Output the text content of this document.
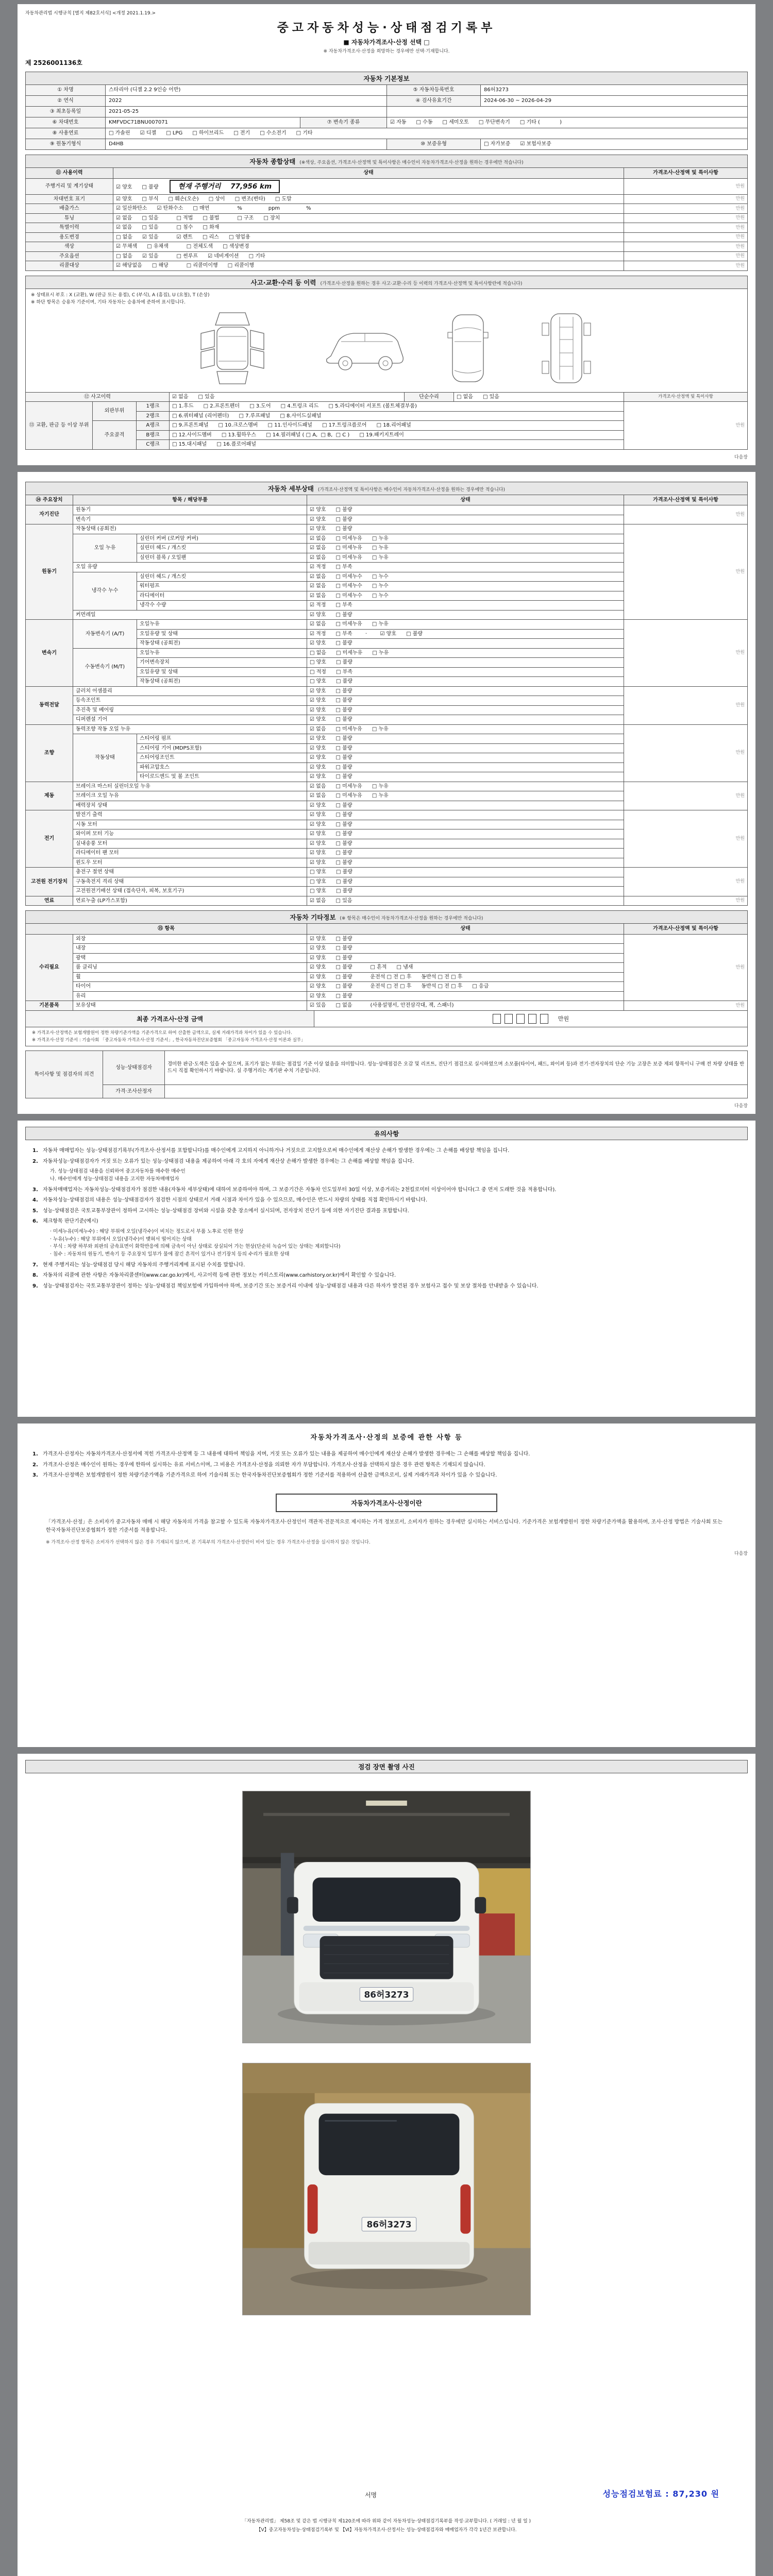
자동차관리법 시행규칙 [별지 제82호서식] <개정 2021.1.19.>
중고자동차성능·상태점검기록부
■ 자동차가격조사·산정 선택 □
※ 자동차가격조사·산정을 희망하는 경우에만 선택·기재합니다.
제 2526001136호
자동차 기본정보
① 차명	스타리아 (디젤 2.2 9인승 어반)	⑤ 자동차등록번호	86허3273
② 연식	2022	④ 검사유효기간	2024-06-30 ~ 2026-04-29
③ 최초등록일	2021-05-25
⑥ 차대번호	KMFVDC71BNU007071	⑦ 변속기 종류	☑ 자동      □ 수동      □ 세미오토      □ 무단변속기      □ 기타 (            )
⑧ 사용연료	□ 가솔린      ☑ 디젤      □ LPG      □ 하이브리드      □ 전기      □ 수소전기      □ 기타
⑨ 원동기형식	D4HB	⑩ 보증유형	□ 자가보증      ☑ 보험사보증
자동차 종합상태 (※색상, 주요옵션, 가격조사·산정액 및 특이사항은 매수인이 자동차가격조사·산정을 원하는 경우에만 적습니다)
⑪ 사용이력	상태	가격조사·산정액 및 특이사항
주행거리 및 계기상태	☑ 양호      □ 불량 현재 주행거리    77,956 km	만원
차대번호 표기	☑ 양호      □ 부식      □ 훼손(오손)      □ 상이      □ 변조(변타)      □ 도말	만원
배출가스	☑ 일산화탄소      ☑ 탄화수소      □ 매연                 %                ppm                %	만원
튜닝	☑ 없음      □ 있음           □ 적법      □ 불법           □ 구조      □ 장치	만원
특별이력	☑ 없음      □ 있음           □ 침수      □ 화재	만원
용도변경	□ 없음      ☑ 있음           ☑ 렌트      □ 리스      □ 영업용	만원
색상	☑ 무채색      □ 유채색           □ 전체도색      □ 색상변경	만원
주요옵션	□ 없음      ☑ 있음           □ 썬루프      ☑ 네비게이션      □ 기타	만원
리콜대상	☑ 해당없음      □ 해당           □ 리콜미이행      □ 리콜이행	만원
사고·교환·수리 등 이력 (가격조사·산정을 원하는 경우 사고·교환·수리 등 이력의 가격조사·산정액 및 특이사항란에 적습니다)
※ 상태표시 부호 : X (교환), W (판금 또는 용접), C (부식), A (흠집), U (요철), T (손상)
※ 하단 항목은 승용차 기준이며, 기타 자동차는 승용차에 준하여 표시합니다.
⑫ 사고이력			☑ 없음      □ 있음	단순수리	□ 없음      □ 있음	가격조사·산정액 및 특이사항
⑬ 교환, 판금 등 이상 부위	외판부위	1랭크	□ 1.후드      □ 2.프론트펜더      □ 3.도어      □ 4.트렁크 리드      □ 5.라디에이터 서포트 (볼트체결부품)			만원
		2랭크	□ 6.쿼터패널 (리어펜더)      □ 7.루프패널      □ 8.사이드실패널			
	주요골격	A랭크	□ 9.프론트패널      □ 10.크로스멤버      □ 11.인사이드패널      □ 17.트렁크플로어      □ 18.리어패널			
		B랭크	□ 12.사이드멤버      □ 13.휠하우스      □ 14.필러패널 ( □ A,  □ B,  □ C )      □ 19.패키지트레이			
		C랭크	□ 15.대시패널      □ 16.플로어패널			
다음장
자동차 세부상태 (가격조사·산정액 및 특이사항은 매수인이 자동차가격조사·산정을 원하는 경우에만 적습니다)
⑭ 주요장치	항목 / 해당부품		상태	가격조사·산정액 및 특이사항
자기진단	원동기		☑ 양호      □ 불량	만원
	변속기		☑ 양호      □ 불량	
원동기	작동상태 (공회전)		☑ 양호      □ 불량	만원
	오일 누유	실린더 커버 (로커암 커버)	☑ 없음      □ 미세누유      □ 누유	
		실린더 헤드 / 개스킷	☑ 없음      □ 미세누유      □ 누유	
		실린더 블록 / 오일팬	☑ 없음      □ 미세누유      □ 누유	
	오일 유량		☑ 적정      □ 부족	
	냉각수 누수	실린더 헤드 / 개스킷	☑ 없음      □ 미세누수      □ 누수	
		워터펌프	☑ 없음      □ 미세누수      □ 누수	
		라디에이터	☑ 없음      □ 미세누수      □ 누수	
		냉각수 수량	☑ 적정      □ 부족	
	커먼레일		☑ 양호      □ 불량	
변속기	자동변속기 (A/T)	오일누유	☑ 없음      □ 미세누유      □ 누유	만원
		오일유량 및 상태	☑ 적정      □ 부족        ·        ☑ 양호      □ 불량	
		작동상태 (공회전)	☑ 양호      □ 불량	
	수동변속기 (M/T)	오일누유	□ 없음      □ 미세누유      □ 누유	
		기어변속장치	□ 양호      □ 불량	
		오일유량 및 상태	□ 적정      □ 부족	
		작동상태 (공회전)	□ 양호      □ 불량	
동력전달	클러치 어셈블리		☑ 양호      □ 불량	만원
	등속조인트		☑ 양호      □ 불량	
	추진축 및 베어링		☑ 양호      □ 불량	
	디퍼렌셜 기어		☑ 양호      □ 불량	
조향	동력조향 작동 오일 누유		☑ 없음      □ 미세누유      □ 누유	만원
	작동상태	스티어링 펌프	☑ 양호      □ 불량	
		스티어링 기어 (MDPS포함)	☑ 양호      □ 불량	
		스티어링조인트	☑ 양호      □ 불량	
		파워고압호스	☑ 양호      □ 불량	
		타이로드엔드 및 볼 조인트	☑ 양호      □ 불량	
제동	브레이크 마스터 실린더오일 누유		☑ 없음      □ 미세누유      □ 누유	만원
	브레이크 오일 누유		☑ 없음      □ 미세누유      □ 누유	
	배력장치 상태		☑ 양호      □ 불량	
전기	발전기 출력		☑ 양호      □ 불량	만원
	시동 모터		☑ 양호      □ 불량	
	와이퍼 모터 기능		☑ 양호      □ 불량	
	실내송풍 모터		☑ 양호      □ 불량	
	라디에이터 팬 모터		☑ 양호      □ 불량	
	윈도우 모터		☑ 양호      □ 불량	
고전원 전기장치	충전구 절연 상태		□ 양호      □ 불량	만원
	구동축전지 격리 상태		□ 양호      □ 불량	
	고전원전기배선 상태 (접속단자, 피복, 보호기구)		□ 양호      □ 불량	
연료	연료누출 (LP가스포함)		☑ 없음      □ 있음	만원
자동차 기타정보 (※ 항목은 매수인이 자동차가격조사·산정을 원하는 경우에만 적습니다)
⑮ 항목		상태	가격조사·산정액 및 특이사항
수리필요	외장	☑ 양호      □ 불량	만원
	내장	☑ 양호      □ 불량	
	광택	☑ 양호      □ 불량	
	룸 클리닝	☑ 양호      □ 불량           □ 흔적      □ 냄새	
	휠	☑ 양호      □ 불량           운전석 □ 전 □ 후      동반석 □ 전 □ 후	
	타이어	☑ 양호      □ 불량           운전석 □ 전 □ 후      동반석 □ 전 □ 후      □ 응급	
	유리	☑ 양호      □ 불량	
기본품목	보유상태	☑ 있음      □ 없음           (사용설명서, 안전삼각대, 잭, 스패너)	만원
최종 가격조사·산정 금액	만원
※ 가격조사·산정액은 보험개발원이 정한 차량기준가액을 기준가격으로 하여 산출한 금액으로, 실제 거래가격과 차이가 있을 수 있습니다.
※ 가격조사·산정 기준서 : 기술사회 「중고자동차 가격조사·산정 기준서」, 한국자동차진단보증협회 「중고자동차 가격조사·산정 이론과 실무」
특이사항 및 점검자의 의견	성능·상태점검자	경미한 판금·도색은 있을 수 있으며, 표기가 없는 부위는 점검일 기준 이상 없음을 의미합니다. 성능·상태점검은 오감 및 리프트, 진단기 점검으로 실시하였으며 소모품(타이어, 패드, 와이퍼 등)과 전기·전자장치의 단순 기능 고장은 보증 제외 항목이니 구매 전 차량 상태를 반드시 직접 확인하시기 바랍니다. 실 주행거리는 계기판 수치 기준입니다.
	가격·조사산정자	
다음장
유의사항
1. 자동차 매매업자는 성능·상태점검기록부(가격조사·산정서를 포함합니다)를 매수인에게 고지하지 아니하거나 거짓으로 고지함으로써 매수인에게 재산상 손해가 발생한 경우에는 그 손해를 배상할 책임을 집니다.
2. 자동차성능·상태점검자가 거짓 또는 오류가 있는 성능·상태점검 내용을 제공하여 아래 각 호의 자에게 재산상 손해가 발생한 경우에는 그 손해를 배상할 책임을 집니다.
가. 성능·상태점검 내용을 신뢰하여 중고자동차를 매수한 매수인
나. 매수인에게 성능·상태점검 내용을 고지한 자동차매매업자
3. 자동차매매업자는 자동차성능·상태점검자가 점검한 내용(자동차 세부상태)에 대하여 보증하여야 하며, 그 보증기간은 자동차 인도일부터 30일 이상, 보증거리는 2천킬로미터 이상이어야 합니다(그 중 먼저 도래한 것을 적용합니다).
4. 자동차성능·상태점검의 내용은 성능·상태점검자가 점검한 시점의 상태로서 거래 시점과 차이가 있을 수 있으므로, 매수인은 반드시 차량의 상태를 직접 확인하시기 바랍니다.
5. 성능·상태점검은 국토교통부장관이 정하여 고시하는 성능·상태점검 장비와 시설을 갖춘 장소에서 실시되며, 전자장치 진단기 등에 의한 자기진단 결과를 포함합니다.
6. 체크항목 판단기준(예시)
· 미세누유(미세누수) : 해당 부위에 오일(냉각수)이 비치는 정도로서 부품 노후로 인한 현상
· 누유(누수) : 해당 부위에서 오일(냉각수)이 맺혀서 떨어지는 상태
· 부식 : 차량 하부와 외판의 금속표면이 화학반응에 의해 금속이 아닌 상태로 상실되어 가는 현상(단순히 녹슬어 있는 상태는 제외합니다)
· 침수 : 자동차의 원동기, 변속기 등 주요장치 일부가 물에 잠긴 흔적이 있거나 전기장치 등의 수리가 필요한 상태
7. 현재 주행거리는 성능·상태점검 당시 해당 자동차의 주행거리계에 표시된 수치를 말합니다.
8. 자동차의 리콜에 관한 사항은 자동차리콜센터(www.car.go.kr)에서, 사고이력 등에 관한 정보는 카히스토리(www.carhistory.or.kr)에서 확인할 수 있습니다.
9. 성능·상태점검자는 국토교통부장관이 정하는 성능·상태점검 책임보험에 가입하여야 하며, 보증기간 또는 보증거리 이내에 성능·상태점검 내용과 다른 하자가 발견된 경우 보험사고 접수 및 보상 절차를 안내받을 수 있습니다.
자동차가격조사·산정의 보증에 관한 사항 등
1. 가격조사·산정자는 자동차가격조사·산정서에 적힌 가격조사·산정액 등 그 내용에 대하여 책임을 지며, 거짓 또는 오류가 있는 내용을 제공하여 매수인에게 재산상 손해가 발생한 경우에는 그 손해를 배상할 책임을 집니다.
2. 가격조사·산정은 매수인이 원하는 경우에 한하여 실시하는 유료 서비스이며, 그 비용은 가격조사·산정을 의뢰한 자가 부담합니다. 가격조사·산정을 선택하지 않은 경우 관련 항목은 기재되지 않습니다.
3. 가격조사·산정액은 보험개발원이 정한 차량기준가액을 기준가격으로 하여 기술사회 또는 한국자동차진단보증협회가 정한 기준서를 적용하여 산출한 금액으로서, 실제 거래가격과 차이가 있을 수 있습니다.
자동차가격조사·산정이란
「가격조사·산정」은 소비자가 중고자동차 매매 시 해당 자동차의 가격을 참고할 수 있도록 자동차가격조사·산정인이 객관적·전문적으로 제시하는 가격 정보로서, 소비자가 원하는 경우에만 실시하는 서비스입니다. 기준가격은 보험개발원이 정한 차량기준가액을 활용하며, 조사·산정 방법은 기술사회 또는 한국자동차진단보증협회가 정한 기준서를 적용합니다.
※ 가격조사·산정 항목은 소비자가 선택하지 않은 경우 기재되지 않으며, 본 기록부의 가격조사·산정란이 비어 있는 경우 가격조사·산정을 실시하지 않은 것입니다.
다음장
점검 장면 촬영 사진
86허3273
86허3273
서명	성능점검보험료 : 87,230 원
「자동차관리법」 제58조 및 같은 법 시행규칙 제120조에 따라 위와 같이 자동차성능·상태점검기록부를 작성·교부합니다. ( 거래일 : 년 월 일 )
【Ⅴ】중고자동차성능·상태점검기록부 및 【Ⅵ】자동차가격조사·산정서는 성능·상태점검자와 매매업자가 각각 1년간 보관합니다.
